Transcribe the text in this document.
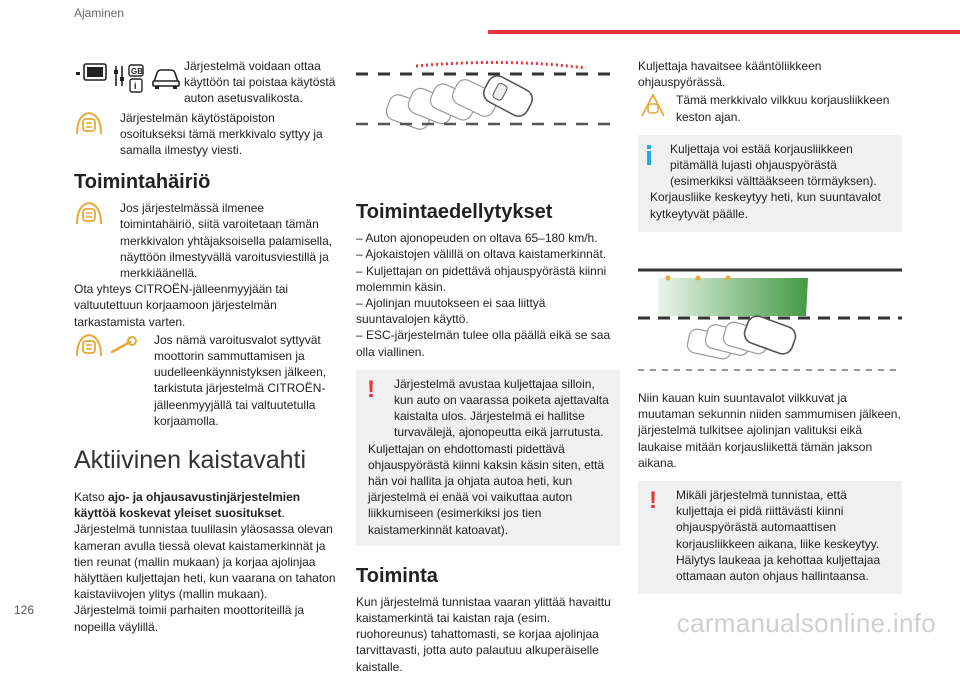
Ajaminen
126	carmanualsonline.info
GB
i

Järjestelmä voidaan ottaa käyttöön tai poistaa käytöstä auton asetusvalikosta.

Järjestelmän käytöstäpoiston osoitukseksi tämä merkkivalo syttyy ja samalla ilmestyy viesti.

Toimintahäiriö

Jos järjestelmässä ilmenee toimintahäiriö, siitä varoitetaan tämän merkkivalon yhtäjaksoisella palamisella, näyttöön ilmestyvällä varoitusviestillä ja merkkiäänellä.

Ota yhteys CITROËN-jälleenmyyjään tai valtuutettuun korjaamoon järjestelmän tarkastamista varten.

Jos nämä varoitusvalot syttyvät moottorin sammuttamisen ja uudelleenkäynnistyksen jälkeen, tarkistuta järjestelmä CITROËN-jälleenmyyjällä tai valtuutetulla korjaamolla.

Aktiivinen kaistavahti

Katso ajo- ja ohjausavustinjärjestelmien käyttöä koskevat yleiset suositukset.

Järjestelmä tunnistaa tuulilasin yläosassa olevan kameran avulla tiessä olevat kaistamerkinnät ja tien reunat (mallin mukaan) ja korjaa ajolinjaa hälyttäen kuljettajan heti, kun vaarana on tahaton kaistaviivojen ylitys (mallin mukaan).

Järjestelmä toimii parhaiten moottoriteillä ja nopeilla väylillä.

Toimintaedellytykset

– Auton ajonopeuden on oltava 65–180 km/h.

– Ajokaistojen välillä on oltava kaistamerkinnät.

– Kuljettajan on pidettävä ohjauspyörästä kiinni molemmin käsin.

– Ajolinjan muutokseen ei saa liittyä suuntavalojen käyttö.

– ESC-järjestelmän tulee olla päällä eikä se saa olla viallinen.

!	Järjestelmä avustaa kuljettajaa silloin, kun auto on vaarassa poiketa ajettavalta kaistalta ulos. Järjestelmä ei hallitse turvavälejä, ajonopeutta eikä jarrutusta.

Kuljettajan on ehdottomasti pidettävä ohjauspyörästä kiinni kaksin käsin siten, että hän voi hallita ja ohjata autoa heti, kun järjestelmä ei enää voi vaikuttaa auton liikkumiseen (esimerkiksi jos tien kaistamerkinnät katoavat).

Toiminta

Kun järjestelmä tunnistaa vaaran ylittää havaittu kaistamerkintä tai kaistan raja (esim. ruohoreunus) tahattomasti, se korjaa ajolinjaa tarvittavasti, jotta auto palautuu alkuperäiselle kaistalle.

Kuljettaja havaitsee kääntöliikkeen ohjauspyörässä.

Tämä merkkivalo vilkkuu korjausliikkeen keston ajan.

Kuljettaja voi estää korjausliikkeen pitämällä lujasti ohjauspyörästä (esimerkiksi välttääkseen törmäyksen).

Korjausliike keskeytyy heti, kun suuntavalot kytkeytyvät päälle.

Niin kauan kuin suuntavalot vilkkuvat ja muutaman sekunnin niiden sammumisen jälkeen, järjestelmä tulkitsee ajolinjan valituksi eikä laukaise mitään korjausliikettä tämän jakson aikana.

!	Mikäli järjestelmä tunnistaa, että kuljettaja ei pidä riittävästi kiinni ohjauspyörästä automaattisen korjausliikkeen aikana, liike keskeytyy. Hälytys laukeaa ja kehottaa kuljettajaa ottamaan auton ohjaus hallintaansa.
